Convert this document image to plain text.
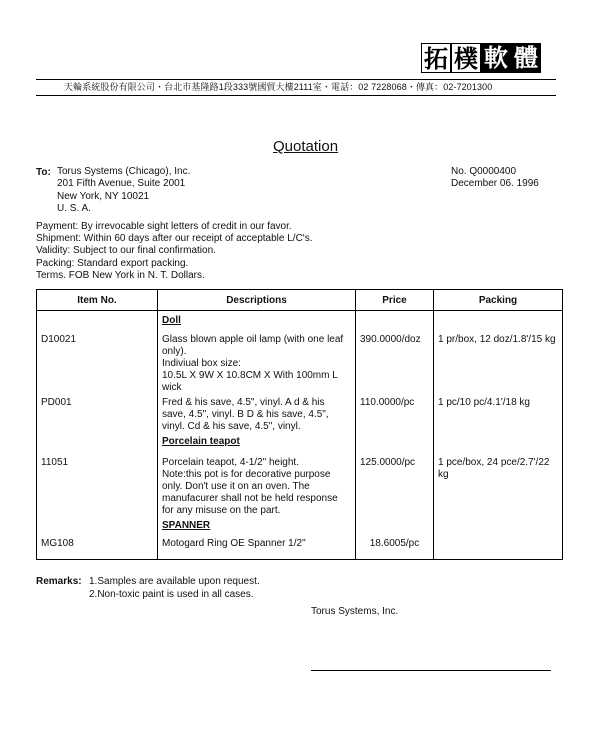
拓 樸 軟 體
天輪系統股份有限公司・台北市基隆路1段333號國貿大樓2111室・電話：02 7228068・傳真：02-7201300
Quotation
To: Torus Systems (Chicago), Inc.
201 Fifth Avenue, Suite 2001
New York, NY 10021
U. S. A.
No. Q0000400
December 06. 1996
Payment: By irrevocable sight letters of credit in our favor.
Shipment: Within 60 days after our receipt of acceptable L/C's.
Validity: Subject to our final confirmation.
Packing: Standard export packing.
Terms. FOB New York in N. T. Dollars.
Item No.	Descriptions	Price	Packing
	Doll		
D10021	Glass blown apple oil lamp (with one leaf only).
Indiviual box size:
10.5L X 9W X 10.8CM X With 100mm L wick	390.0000/doz	1 pr/box, 12 doz/1.8'/15 kg
PD001	Fred & his save, 4.5", vinyl. A d & his save, 4.5", vinyl. B D & his save, 4.5", vinyl. Cd & his save, 4.5", vinyl.	110.0000/pc	1 pc/10 pc/4.1'/18 kg
	Porcelain teapot		
11051	Porcelain teapot, 4-1/2" height.
Note:this pot is for decorative purpose only. Don't use it on an oven. The manufacurer shall not be held response for any misuse on the part.	125.0000/pc	1 pce/box, 24 pce/2.7'/22 kg
	SPANNER		
MG108	Motogard Ring OE Spanner 1/2"	18.6005/pc	
Remarks: 1.Samples are available upon request.
2.Non-toxic paint is used in all cases.
Torus Systems, Inc.
